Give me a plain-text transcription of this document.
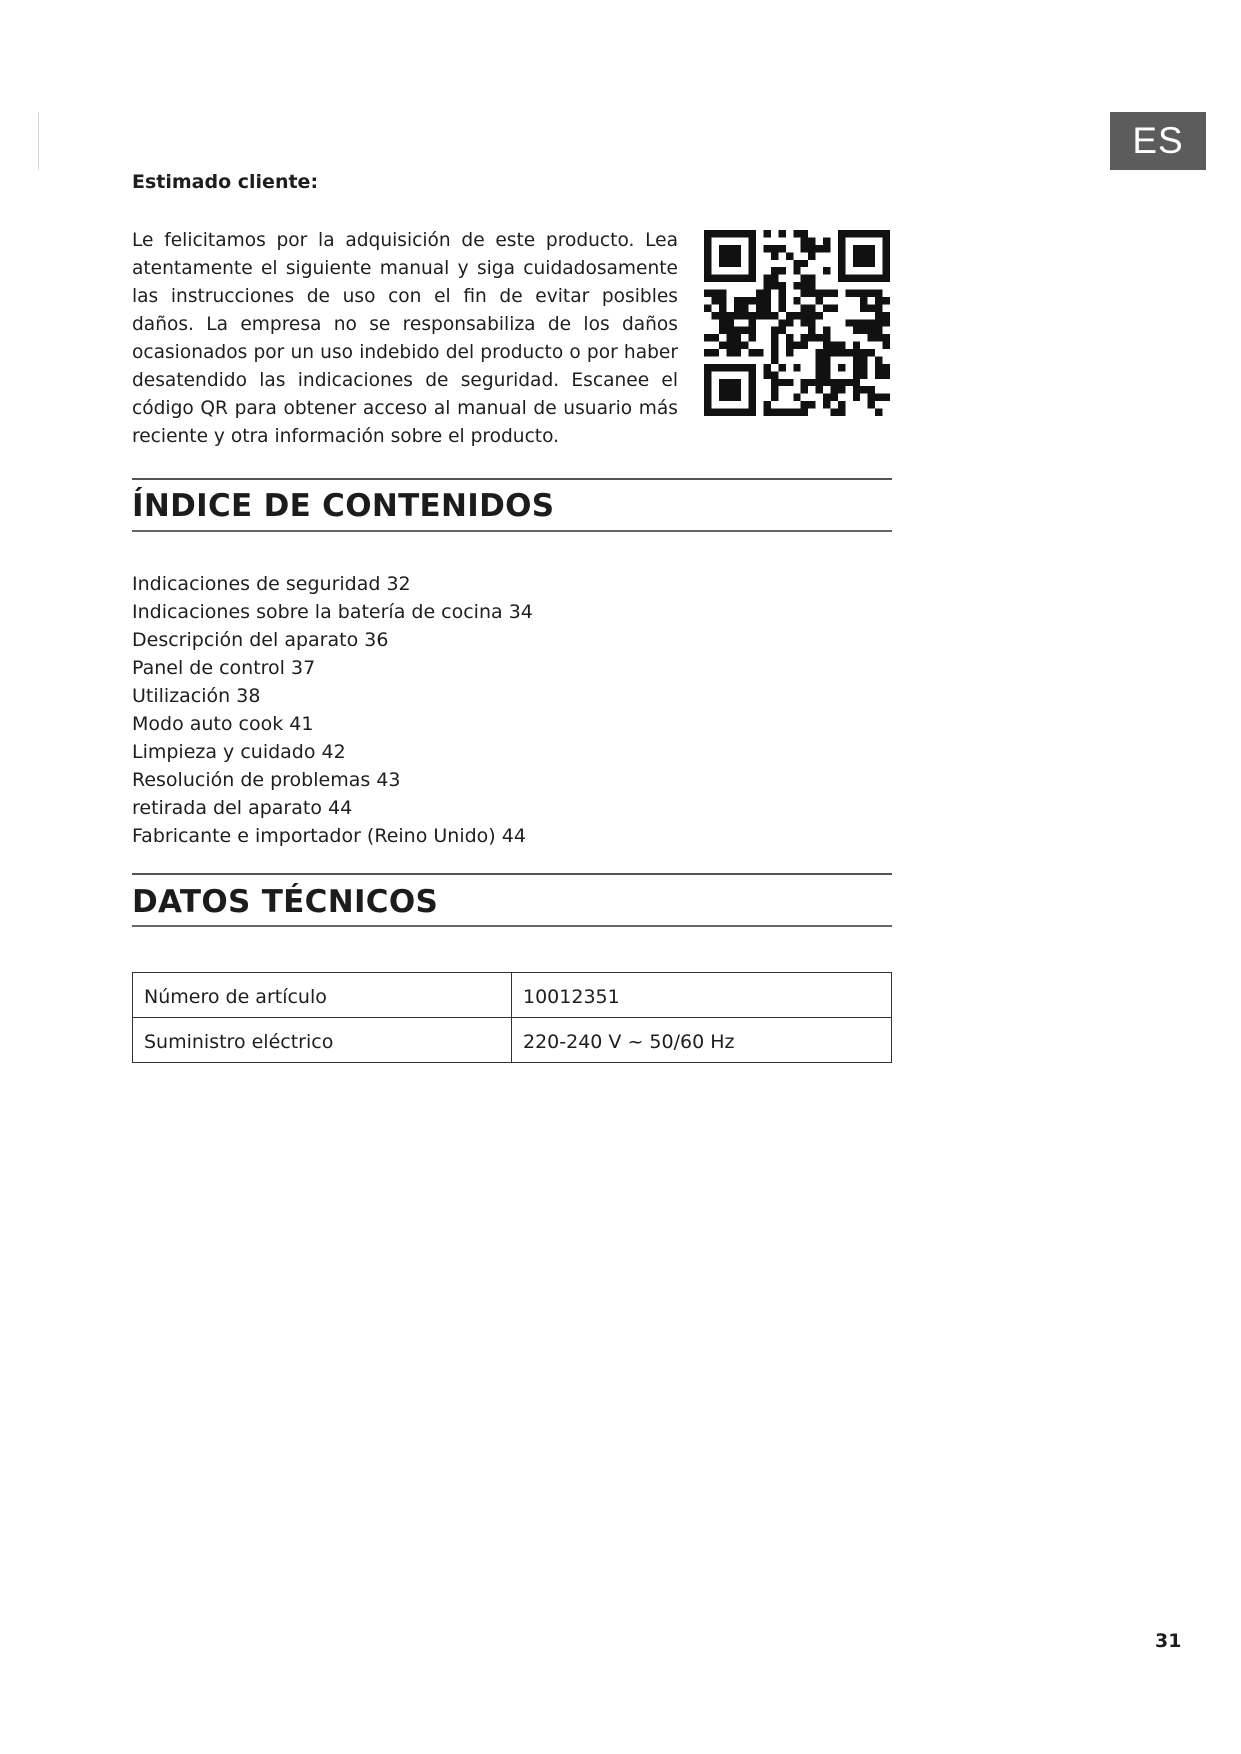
ES

Estimado cliente:

Le felicitamos por la adquisición de este producto. Lea atentamente el siguiente manual y siga cuidadosamente las instrucciones de uso con el fin de evitar posibles daños. La empresa no se responsabiliza de los daños ocasionados por un uso indebido del producto o por haber desatendido las indicaciones de seguridad. Escanee el código QR para obtener acceso al manual de usuario más reciente y otra información sobre el producto.

ÍNDICE DE CONTENIDOS
Indicaciones de seguridad 32
Indicaciones sobre la batería de cocina 34
Descripción del aparato 36
Panel de control 37
Utilización 38
Modo auto cook 41
Limpieza y cuidado 42
Resolución de problemas 43
retirada del aparato 44
Fabricante e importador (Reino Unido) 44
DATOS TÉCNICOS
Número de artículo	10012351
Suministro eléctrico	220-240 V ~ 50/60 Hz
31
